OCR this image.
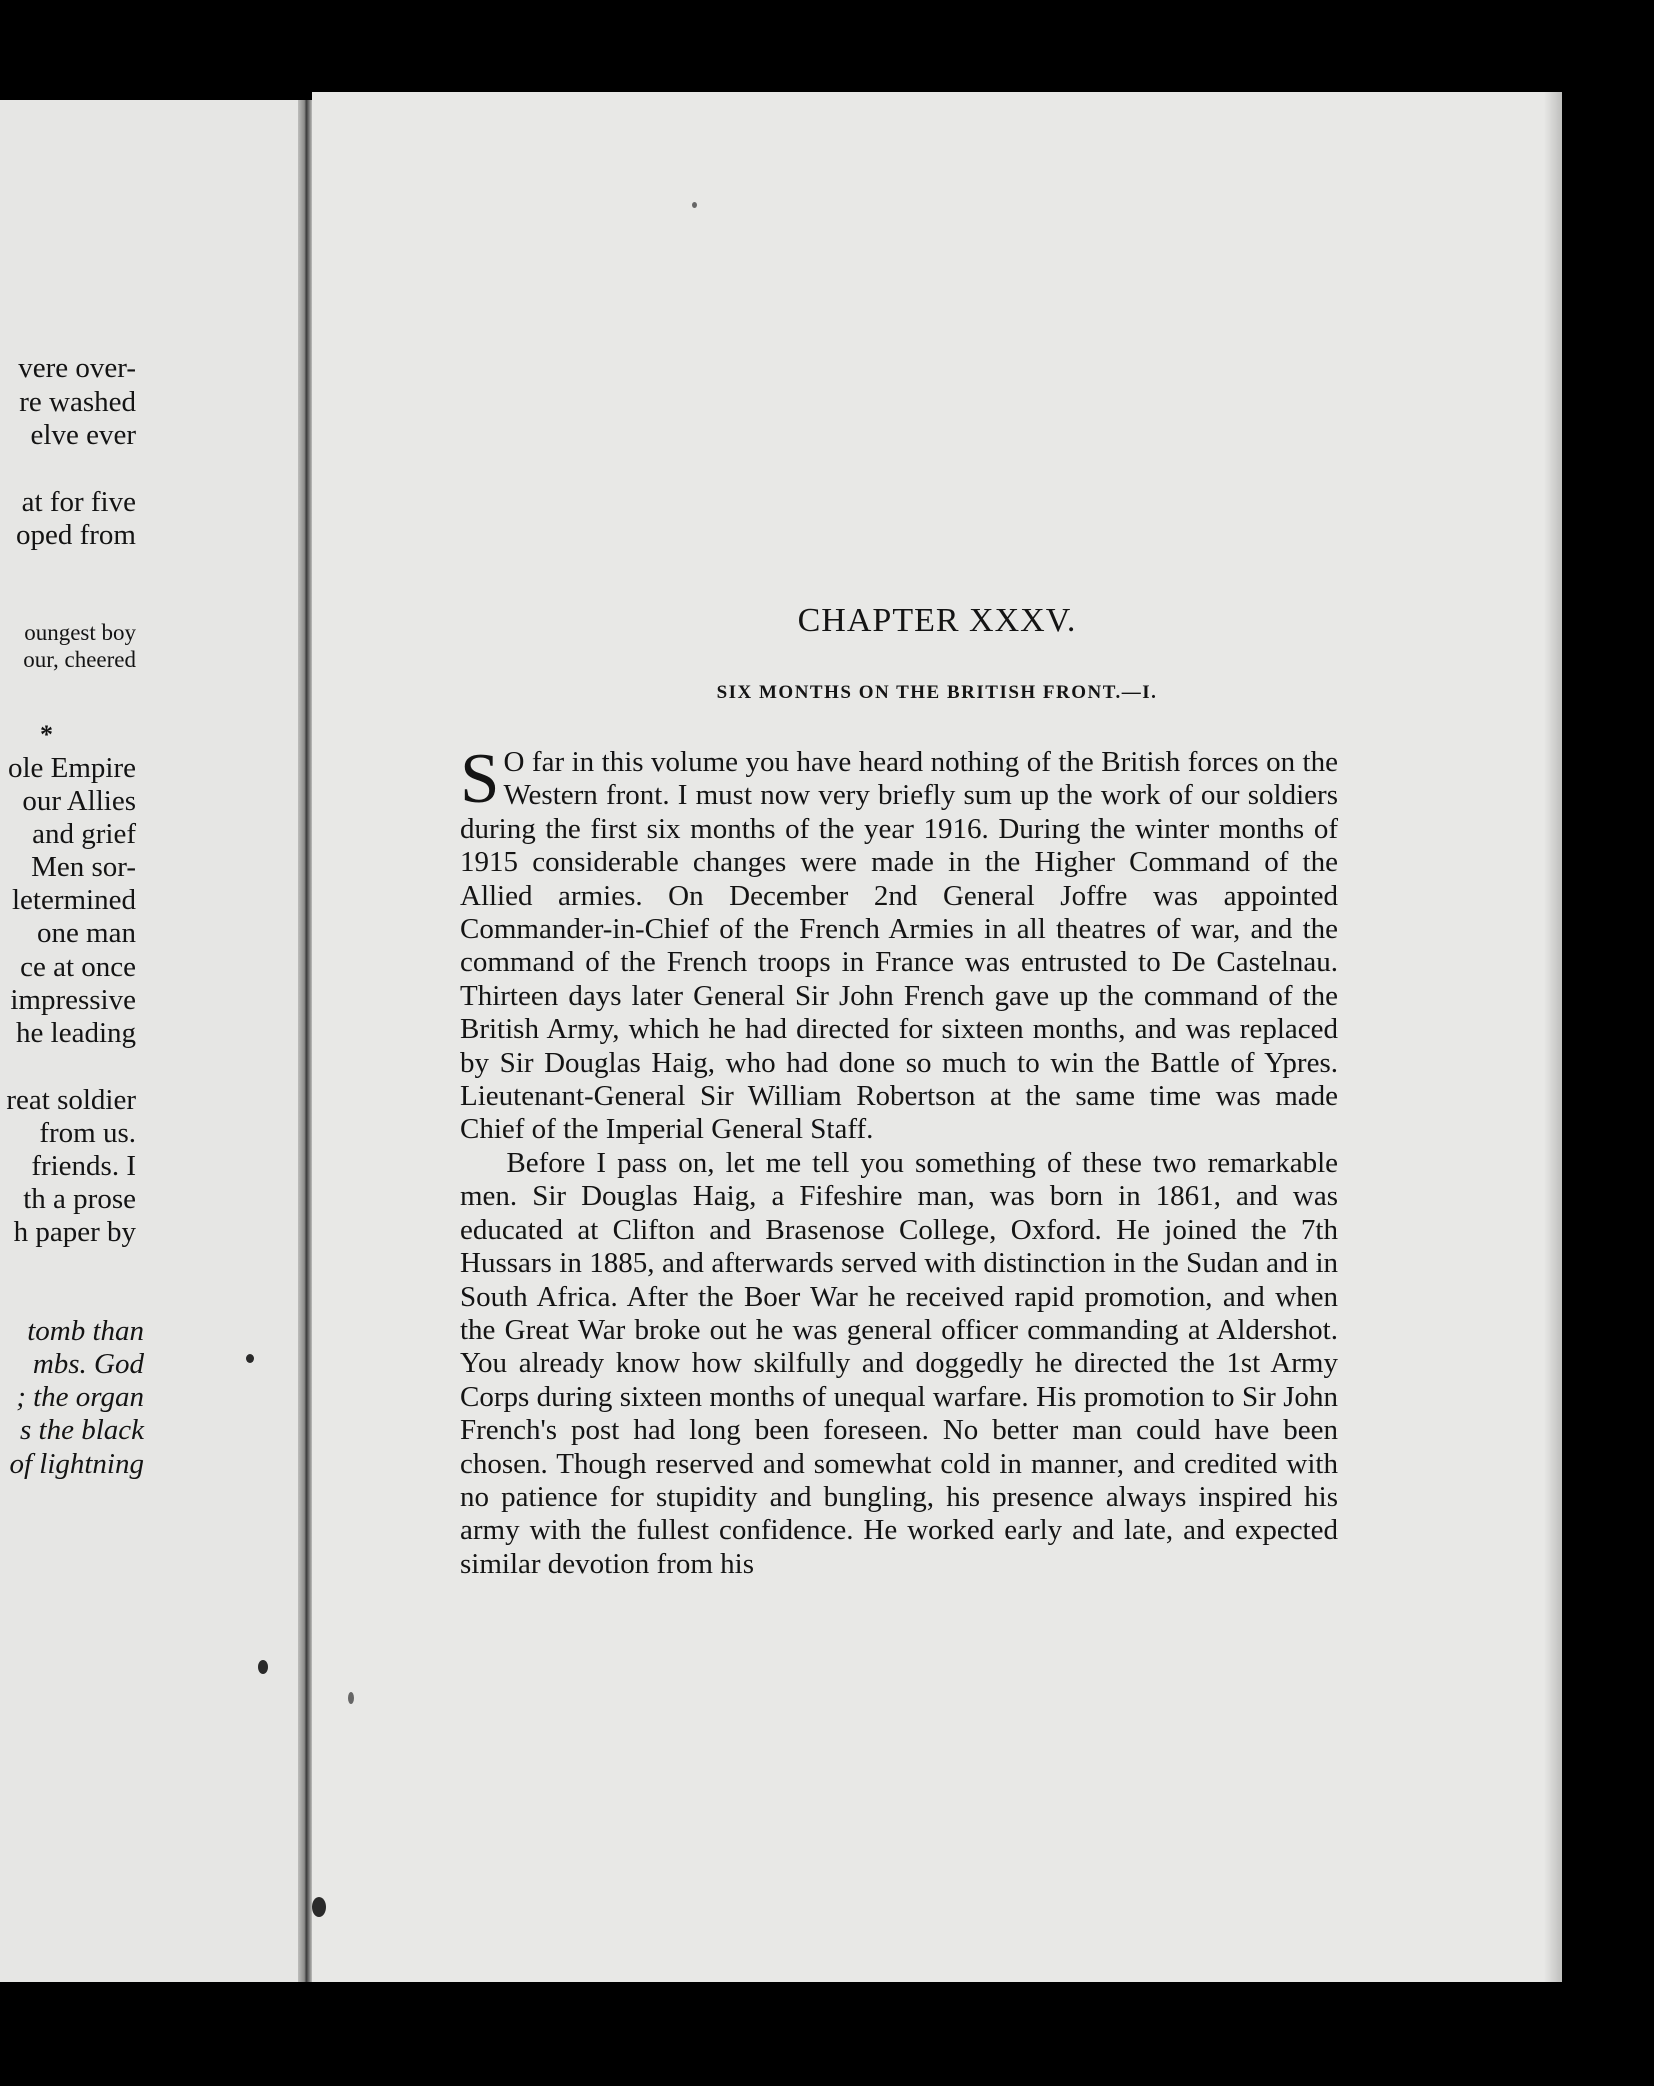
vere over-
re washed
elve ever
at for five
oped from
oungest boy
our, cheered
*
ole Empire
our Allies
and grief
Men sor-
letermined
one man
ce at once
impressive
he leading
reat soldier
from us.
friends. I
th a prose
h paper by
tomb than
mbs. God
; the organ
s the black
of lightning
CHAPTER XXXV.
SIX MONTHS ON THE BRITISH FRONT.—I.

S O far in this volume you have heard nothing of the British forces on the Western front. I must now very briefly sum up the work of our soldiers during the first six months of the year 1916. During the winter months of 1915 considerable changes were made in the Higher Command of the Allied armies. On December 2nd General Joffre was appointed Commander-in-Chief of the French Armies in all theatres of war, and the command of the French troops in France was entrusted to De Castelnau. Thirteen days later General Sir John French gave up the command of the British Army, which he had directed for sixteen months, and was replaced by Sir Douglas Haig, who had done so much to win the Battle of Ypres. Lieutenant-General Sir William Robertson at the same time was made Chief of the Imperial General Staff.

Before I pass on, let me tell you something of these two remarkable men. Sir Douglas Haig, a Fifeshire man, was born in 1861, and was educated at Clifton and Brasenose College, Oxford. He joined the 7th Hussars in 1885, and afterwards served with distinction in the Sudan and in South Africa. After the Boer War he received rapid promotion, and when the Great War broke out he was general officer commanding at Aldershot. You already know how skilfully and doggedly he directed the 1st Army Corps during sixteen months of unequal warfare. His promotion to Sir John French's post had long been foreseen. No better man could have been chosen. Though reserved and somewhat cold in manner, and credited with no patience for stupidity and bungling, his presence always inspired his army with the fullest confidence. He worked early and late, and expected similar devotion from his
